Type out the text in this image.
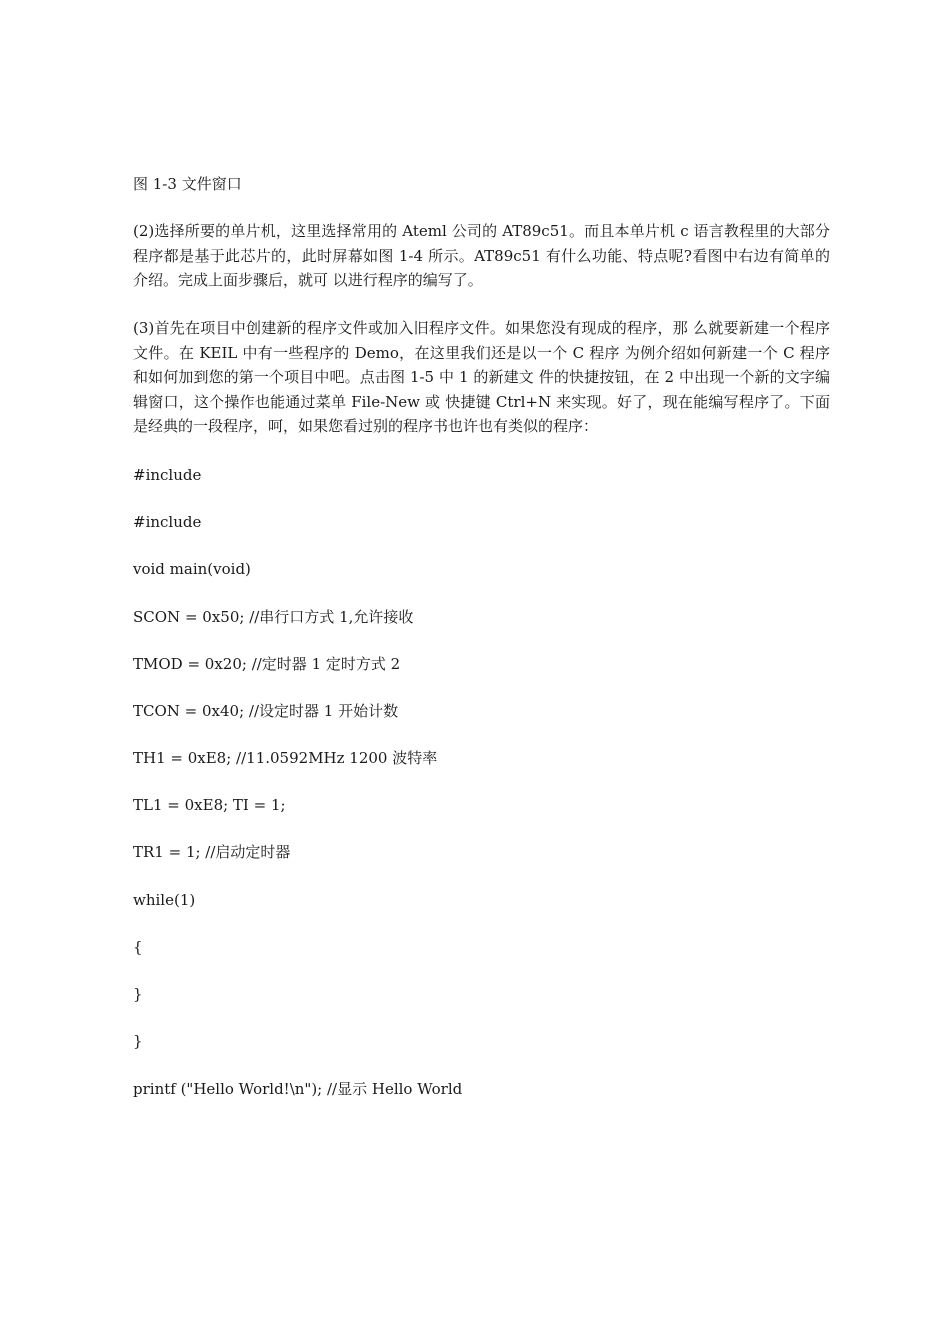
图 1-3 文件窗口
(2)选择所要的单片机，这里选择常用的 Ateml 公司的 AT89c51。而且本单片机 c 语言教程里的大部分程序都是基于此芯片的，此时屏幕如图 1-4 所示。AT89c51 有什么功能、特点呢?看图中右边有简单的介绍。完成上面步骤后，就可 以进行程序的编写了。
(3)首先在项目中创建新的程序文件或加入旧程序文件。如果您没有现成的程序，那 么就要新建一个程序文件。在 KEIL 中有一些程序的 Demo，在这里我们还是以一个 C 程序 为例介绍如何新建一个 C 程序和如何加到您的第一个项目中吧。点击图 1-5 中 1 的新建文 件的快捷按钮，在 2 中出现一个新的文字编辑窗口，这个操作也能通过菜单 File-New 或 快捷键 Ctrl+N 来实现。好了，现在能编写程序了。下面是经典的一段程序，呵，如果您看过别的程序书也许也有类似的程序：
#include
#include
void main(void)
SCON = 0x50; //串行口方式 1,允许接收
TMOD = 0x20; //定时器 1 定时方式 2
TCON = 0x40; //设定时器 1 开始计数
TH1 = 0xE8; //11.0592MHz 1200 波特率
TL1 = 0xE8; TI = 1;
TR1 = 1; //启动定时器
while(1)
{
}
}
printf ("Hello World!\n"); //显示 Hello World
